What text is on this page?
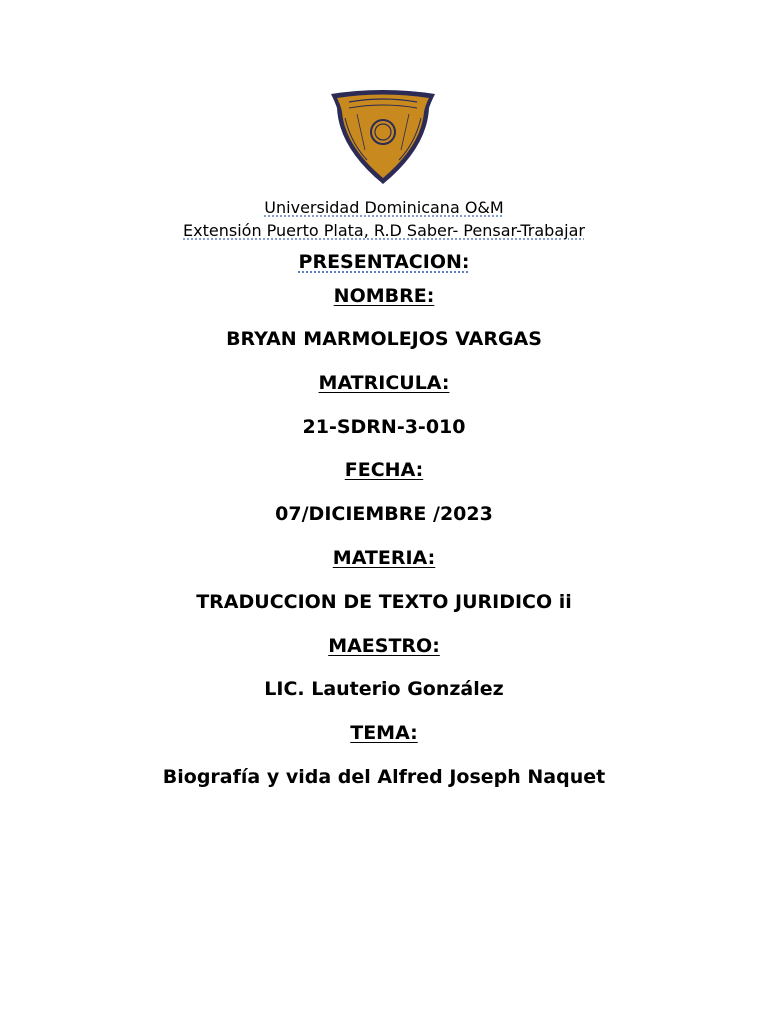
Universidad Dominicana O&M
Extensión Puerto Plata, R.D Saber- Pensar-Trabajar
PRESENTACION:
NOMBRE:
BRYAN MARMOLEJOS VARGAS
MATRICULA:
21-SDRN-3-010
FECHA:
07/DICIEMBRE /2023
MATERIA:
TRADUCCION DE TEXTO JURIDICO ii
MAESTRO:
LIC. Lauterio González
TEMA:
Biografía y vida del Alfred Joseph Naquet
